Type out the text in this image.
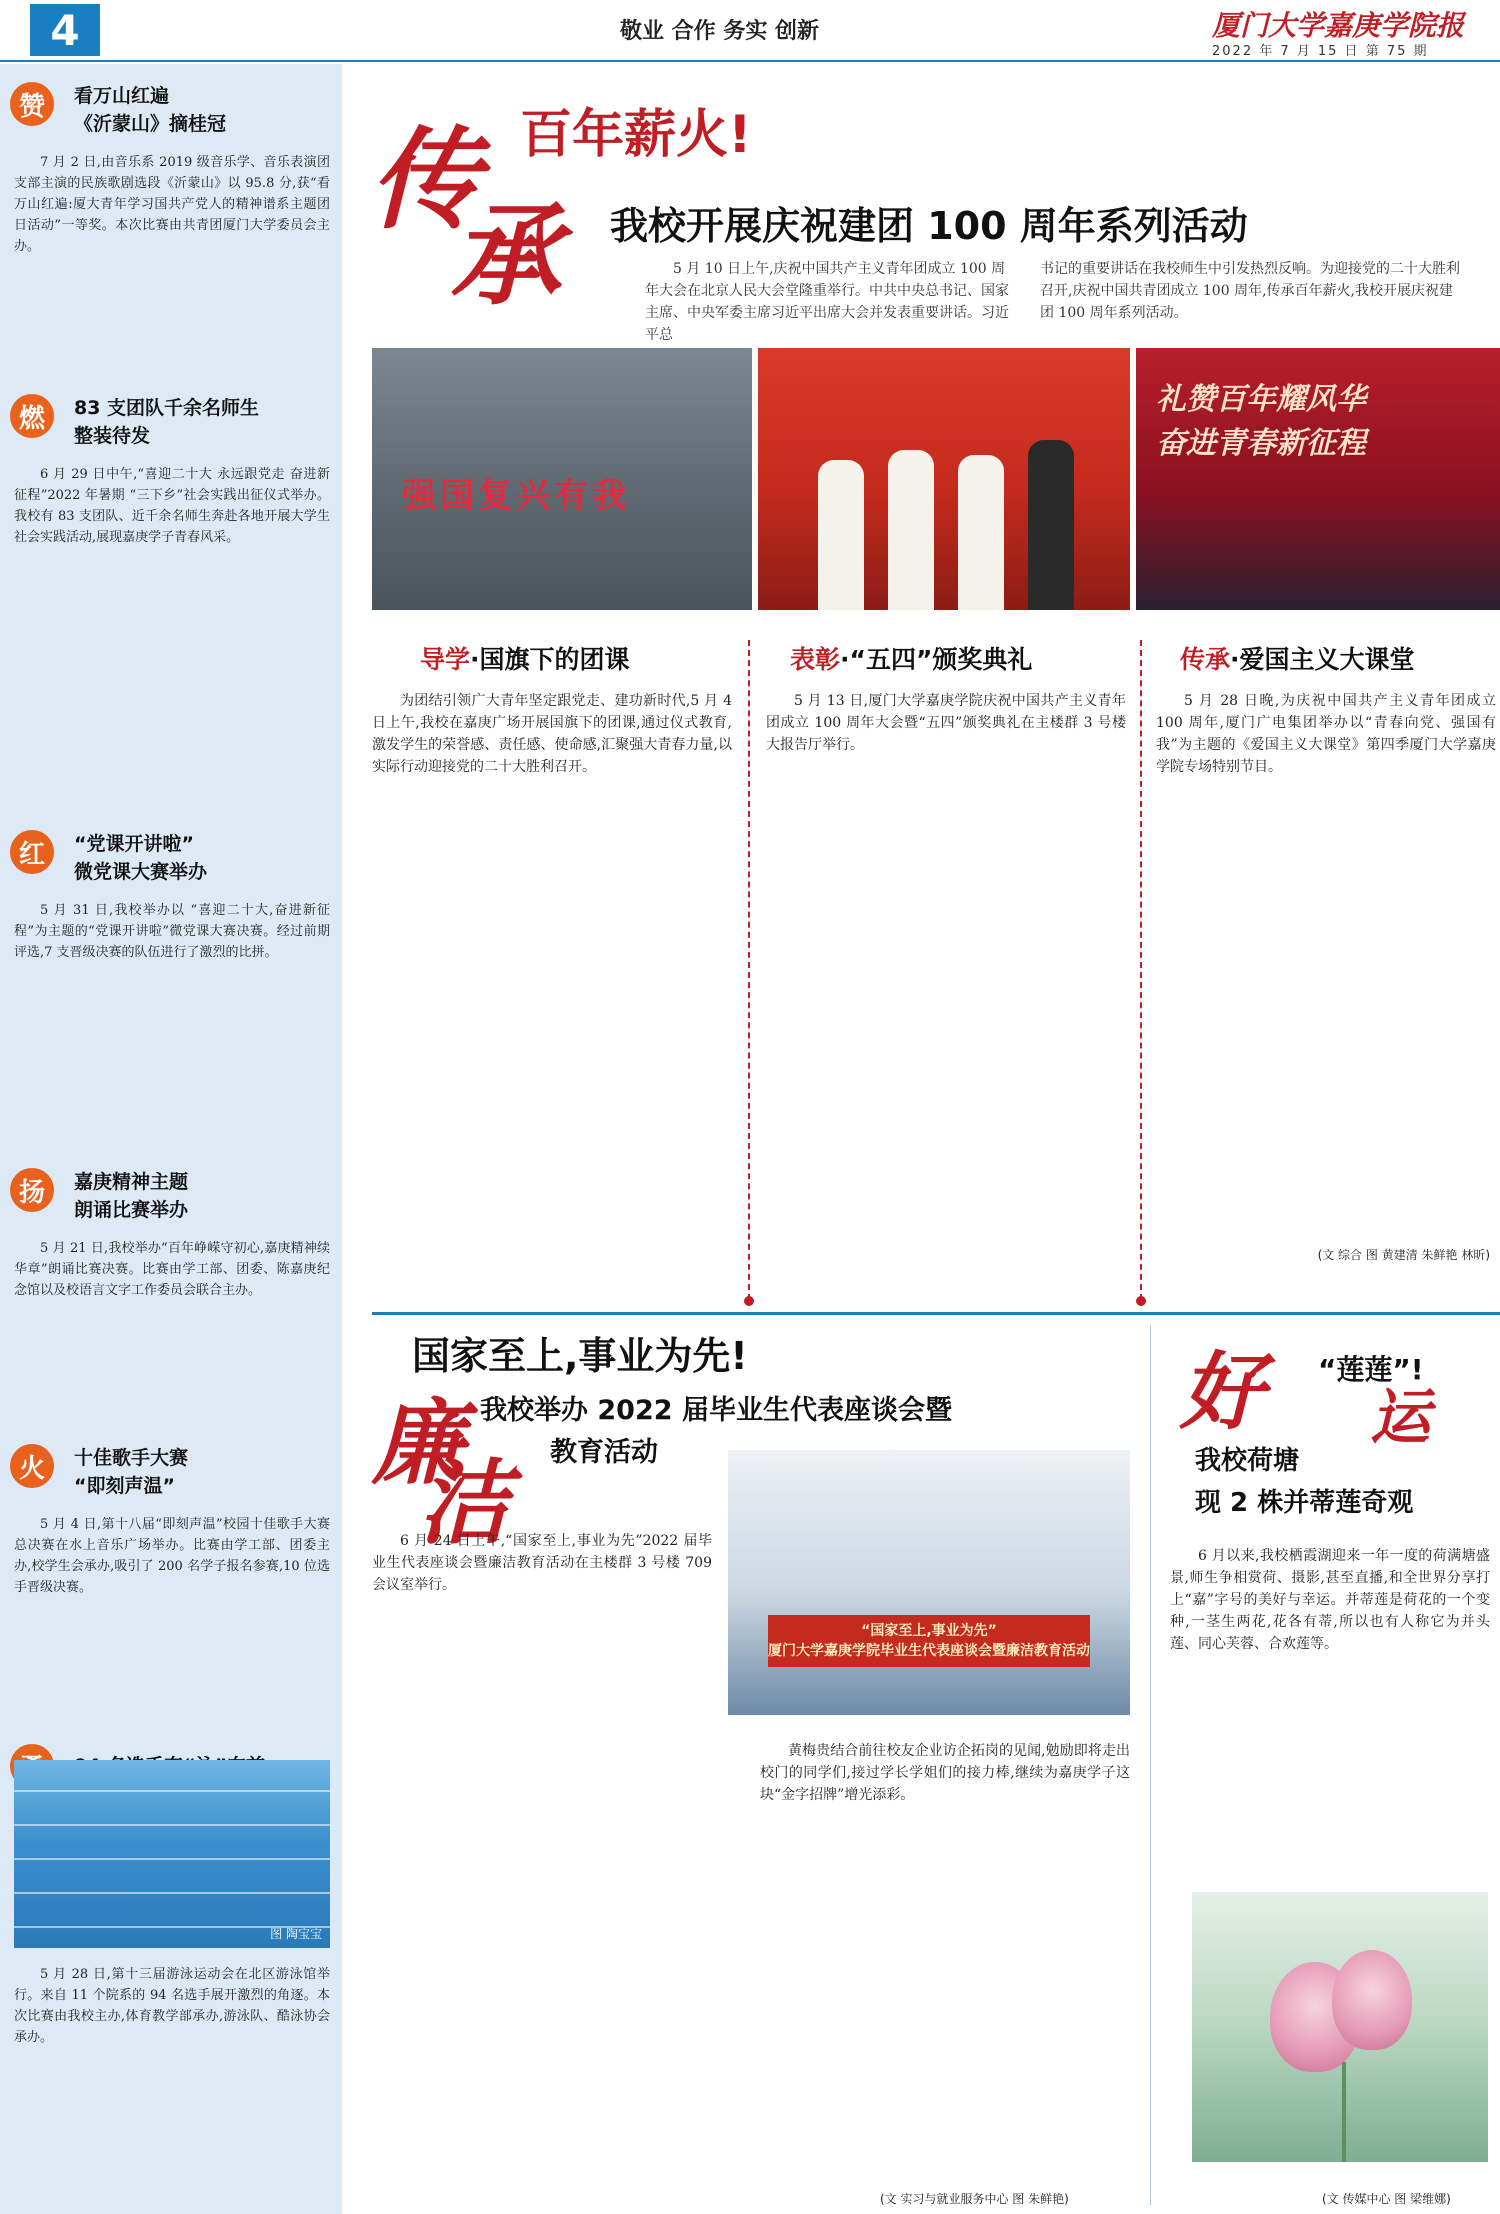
4	敬业 合作 务实 创新	厦门大学嘉庚学院报
2022 年 7 月 15 日 第 75 期
赞	看万山红遍
《沂蒙山》摘桂冠
7 月 2 日,由音乐系 2019 级音乐学、音乐表演团支部主演的民族歌剧选段《沂蒙山》以 95.8 分,获“看万山红遍:厦大青年学习国共产党人的精神谱系主题团日活动”一等奖。本次比赛由共青团厦门大学委员会主办。
燃	83 支团队千余名师生
整装待发
6 月 29 日中午,“喜迎二十大 永远跟党走 奋进新征程”2022 年暑期 “三下乡”社会实践出征仪式举办。我校有 83 支团队、近千余名师生奔赴各地开展大学生社会实践活动,展现嘉庚学子青春风采。
红	“党课开讲啦”
微党课大赛举办
5 月 31 日,我校举办以 “喜迎二十大,奋进新征程”为主题的“党课开讲啦”微党课大赛决赛。经过前期评选,7 支晋级决赛的队伍进行了激烈的比拼。
扬	嘉庚精神主题
朗诵比赛举办
5 月 21 日,我校举办“百年峥嵘守初心,嘉庚精神续华章”朗诵比赛决赛。比赛由学工部、团委、陈嘉庚纪念馆以及校语言文字工作委员会联合主办。
火	十佳歌手大赛
“即刻声温”
5 月 4 日,第十八届“即刻声温”校园十佳歌手大赛总决赛在水上音乐广场举办。比赛由学工部、团委主办,校学生会承办,吸引了 200 名学子报名参赛,10 位选手晋级决赛。
图 陶宝宝
5 月 28 日,第十三届游泳运动会在北区游泳馆举行。来自 11 个院系的 94 名选手展开激烈的角逐。本次比赛由我校主办,体育教学部承办,游泳队、酷泳协会承办。
传
承
百年薪火!
我校开展庆祝建团 100 周年系列活动
5 月 10 日上午,庆祝中国共产主义青年团成立 100 周年大会在北京人民大会堂隆重举行。中共中央总书记、国家主席、中央军委主席习近平出席大会并发表重要讲话。习近平总
书记的重要讲话在我校师生中引发热烈反响。为迎接党的二十大胜利召开,庆祝中国共青团成立 100 周年,传承百年薪火,我校开展庆祝建团 100 周年系列活动。
强国复兴有我
礼赞百年耀风华
奋进青春新征程
导学·国旗下的团课
为团结引领广大青年坚定跟党走、建功新时代,5 月 4 日上午,我校在嘉庚广场开展国旗下的团课,通过仪式教育,激发学生的荣誉感、责任感、使命感,汇聚强大青春力量,以实际行动迎接党的二十大胜利召开。
表彰·“五四”颁奖典礼
5 月 13 日,厦门大学嘉庚学院庆祝中国共产主义青年团成立 100 周年大会暨“五四”颁奖典礼在主楼群 3 号楼大报告厅举行。
传承·爱国主义大课堂
5 月 28 日晚,为庆祝中国共产主义青年团成立 100 周年,厦门广电集团举办以“青春向党、强国有我”为主题的《爱国主义大课堂》第四季厦门大学嘉庚学院专场特别节目。
(文 综合 图 黄建清 朱鲜艳 林昕)
国家至上,事业为先!
廉
洁
我校举办 2022 届毕业生代表座谈会暨
教育活动
“国家至上,事业为先”
厦门大学嘉庚学院毕业生代表座谈会暨廉洁教育活动
6 月 24 日上午,“国家至上,事业为先”2022 届毕业生代表座谈会暨廉洁教育活动在主楼群 3 号楼 709 会议室举行。
黄梅贵结合前往校友企业访企拓岗的见闻,勉励即将走出校门的同学们,接过学长学姐们的接力棒,继续为嘉庚学子这块“金字招牌”增光添彩。
(文 实习与就业服务中心 图 朱鲜艳)
好 运
“莲莲”!
我校荷塘
现 2 株并蒂莲奇观
6 月以来,我校栖霞湖迎来一年一度的荷满塘盛景,师生争相赏荷、摄影,甚至直播,和全世界分享打上“嘉”字号的美好与幸运。并蒂莲是荷花的一个变种,一茎生两花,花各有蒂,所以也有人称它为并头莲、同心芙蓉、合欢莲等。
(文 传媒中心 图 梁维娜)
